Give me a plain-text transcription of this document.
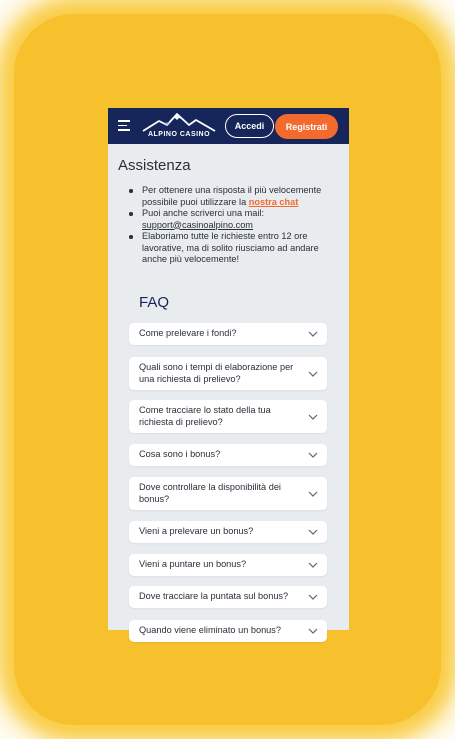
ALPINO CASINO
Accedi	Registrati
Assistenza
Per ottenere una risposta il più velocemente possibile puoi utilizzare la nostra chat
Puoi anche scriverci una mail: support@casinoalpino.com
Elaboriamo tutte le richieste entro 12 ore lavorative, ma di solito riusciamo ad andare anche più velocemente!
FAQ
Come prelevare i fondi?
Quali sono i tempi di elaborazione per una richiesta di prelievo?
Come tracciare lo stato della tua richiesta di prelievo?
Cosa sono i bonus?
Dove controllare la disponibilità dei bonus?
Vieni a prelevare un bonus?
Vieni a puntare un bonus?
Dove tracciare la puntata sul bonus?
Quando viene eliminato un bonus?
